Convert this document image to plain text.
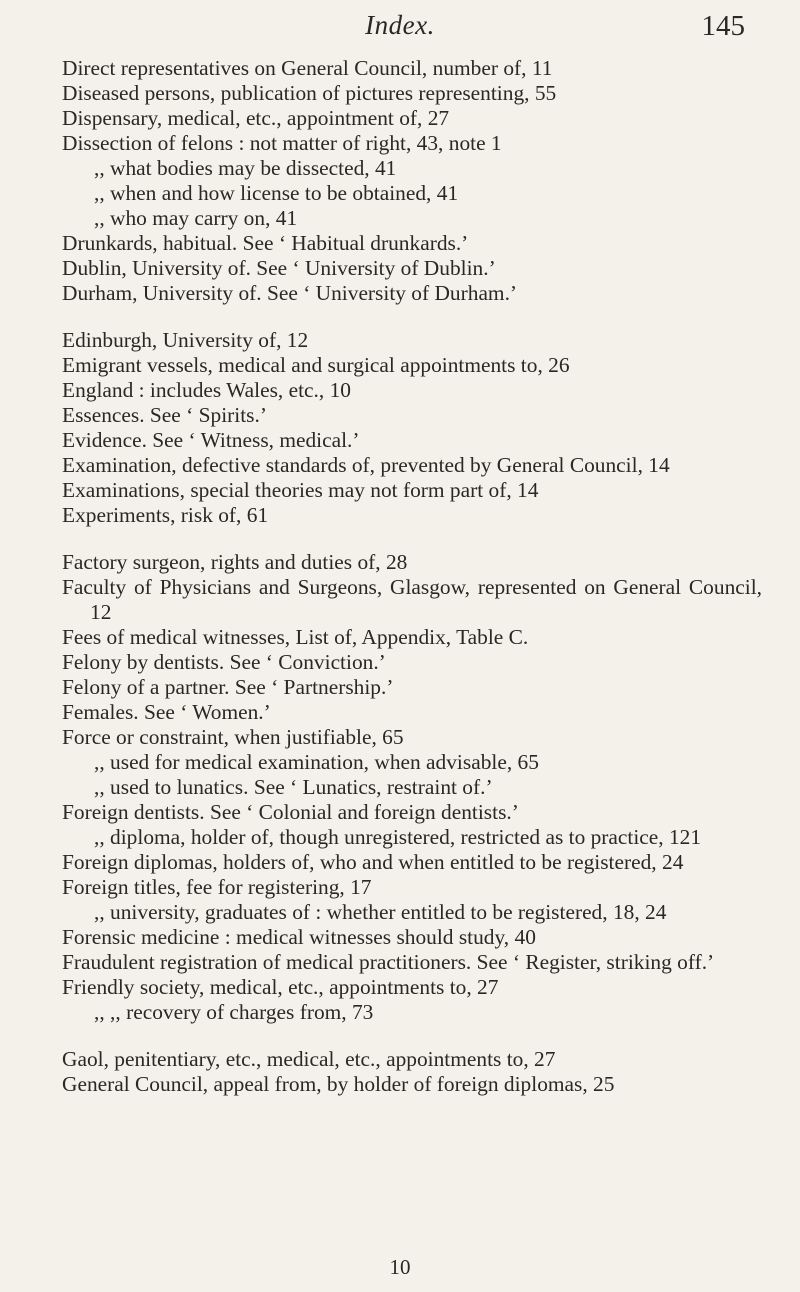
Index.	145
Direct representatives on General Council, number of, 11
Diseased persons, publication of pictures representing, 55
Dispensary, medical, etc., appointment of, 27
Dissection of felons : not matter of right, 43, note 1
,, what bodies may be dissected, 41
,, when and how license to be obtained, 41
,, who may carry on, 41
Drunkards, habitual. See ‘ Habitual drunkards.’
Dublin, University of. See ‘ University of Dublin.’
Durham, University of. See ‘ University of Durham.’
Edinburgh, University of, 12
Emigrant vessels, medical and surgical appointments to, 26
England : includes Wales, etc., 10
Essences. See ‘ Spirits.’
Evidence. See ‘ Witness, medical.’
Examination, defective standards of, prevented by General Council, 14
Examinations, special theories may not form part of, 14
Experiments, risk of, 61
Factory surgeon, rights and duties of, 28
Faculty of Physicians and Surgeons, Glasgow, represented on General Council, 12
Fees of medical witnesses, List of, Appendix, Table C.
Felony by dentists. See ‘ Conviction.’
Felony of a partner. See ‘ Partnership.’
Females. See ‘ Women.’
Force or constraint, when justifiable, 65
,, used for medical examination, when advisable, 65
,, used to lunatics. See ‘ Lunatics, restraint of.’
Foreign dentists. See ‘ Colonial and foreign dentists.’
,, diploma, holder of, though unregistered, restricted as to practice, 121
Foreign diplomas, holders of, who and when entitled to be registered, 24
Foreign titles, fee for registering, 17
,, university, graduates of : whether entitled to be registered, 18, 24
Forensic medicine : medical witnesses should study, 40
Fraudulent registration of medical practitioners. See ‘ Register, striking off.’
Friendly society, medical, etc., appointments to, 27
,, ,, recovery of charges from, 73
Gaol, penitentiary, etc., medical, etc., appointments to, 27
General Council, appeal from, by holder of foreign diplomas, 25
10
